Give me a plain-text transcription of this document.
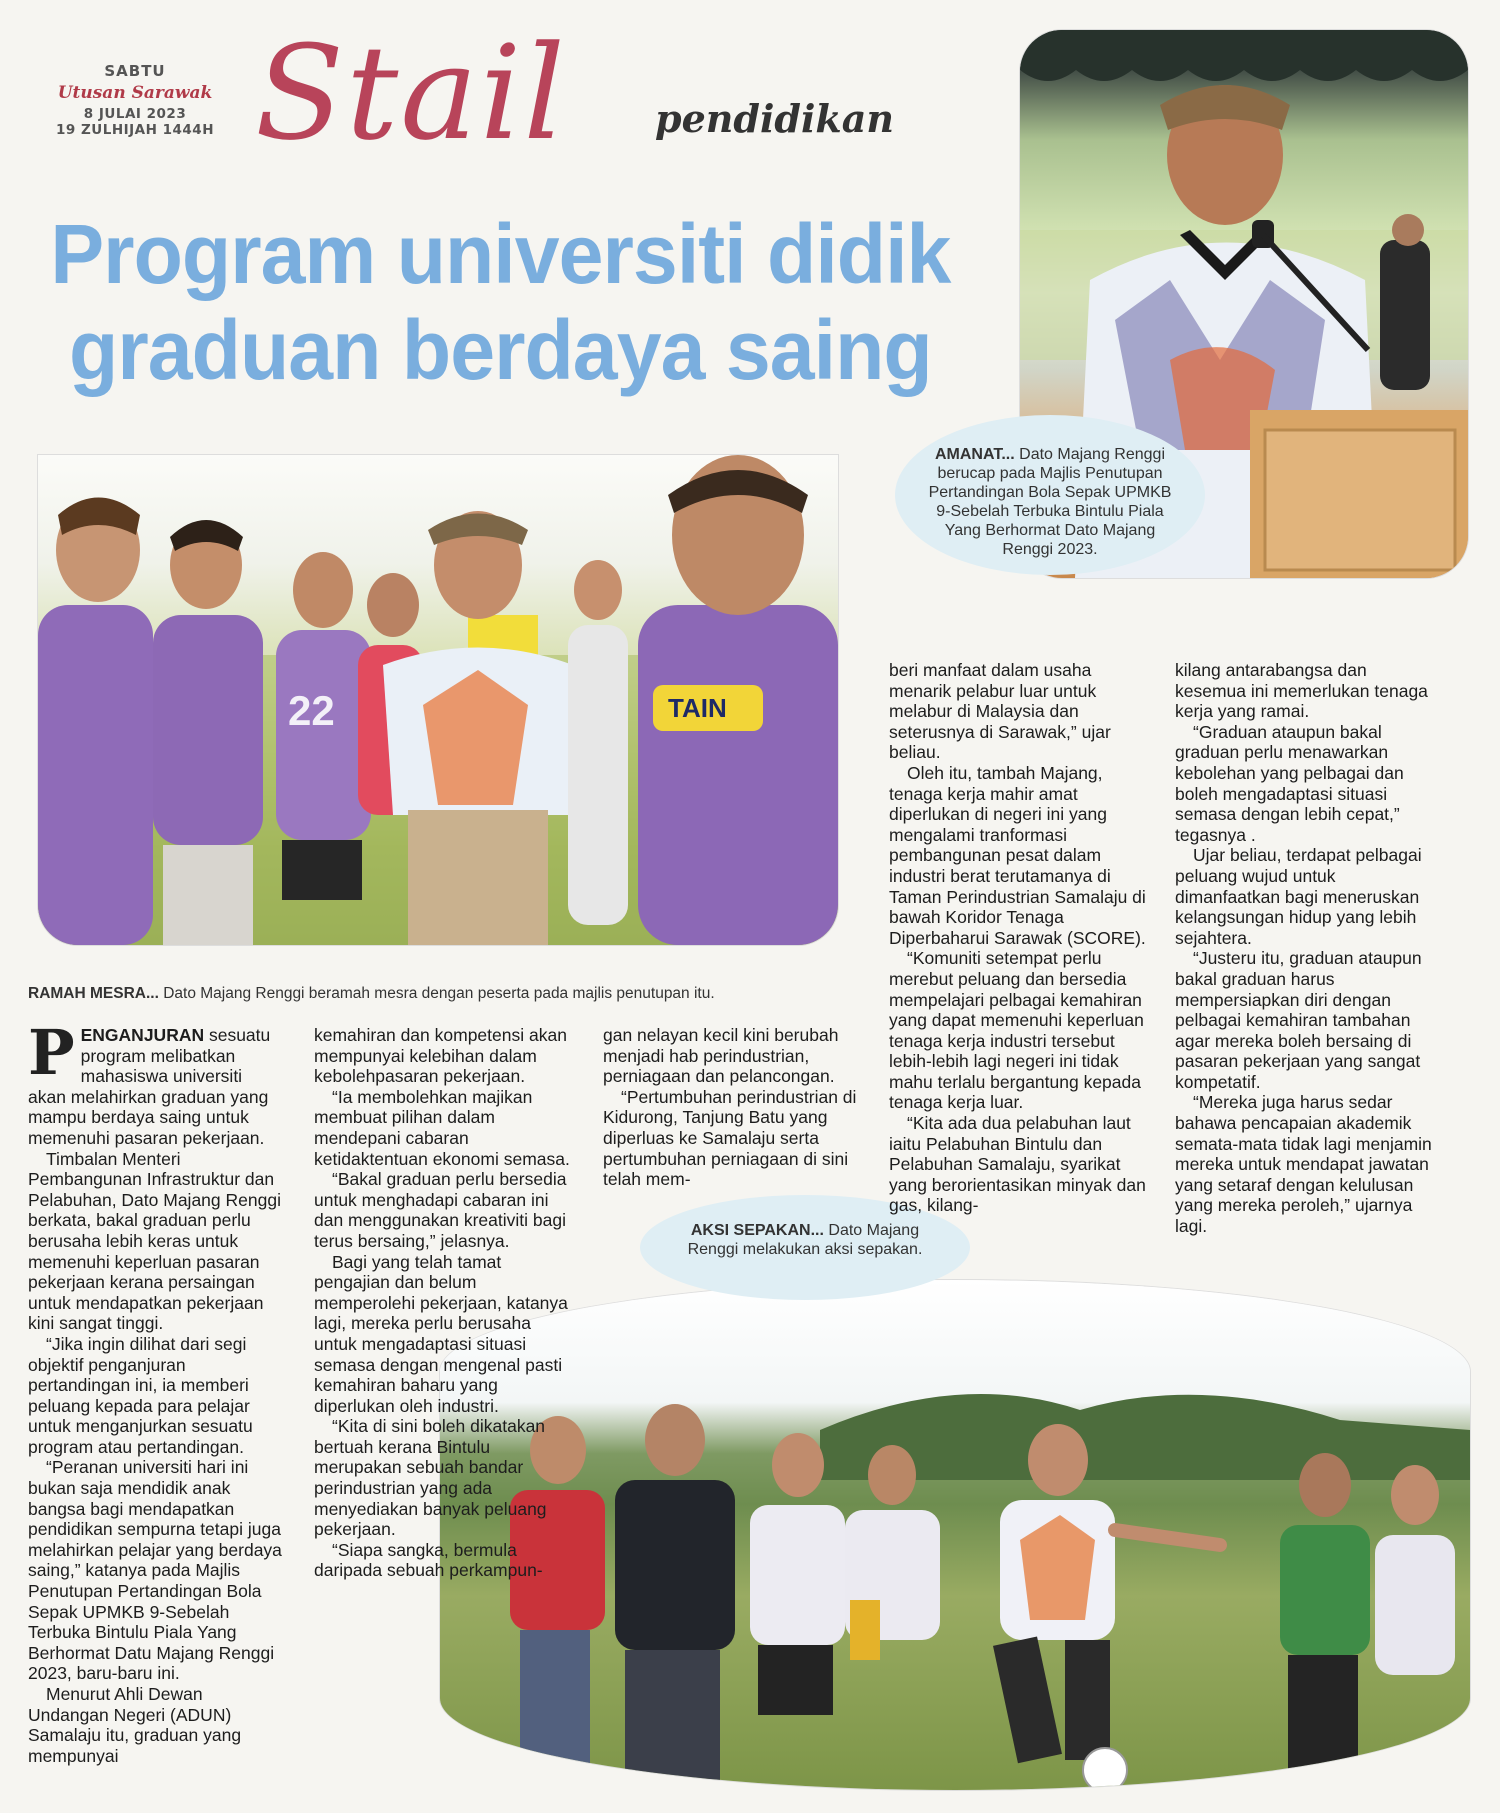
SABTU
Utusan Sarawak
8 JULAI 2023
19 ZULHIJAH 1444H Stail pendidikan
Program universiti didik
graduan berdaya saing
AMANAT... Dato Majang Renggi berucap pada Majlis Penutupan Pertandingan Bola Sepak UPMKB 9-Sebelah Terbuka Bintulu Piala Yang Berhormat Dato Majang Renggi 2023.
22	TAIN
RAMAH MESRA... Dato Majang Renggi beramah mesra dengan peserta pada majlis penutupan itu.
AKSI SEPAKAN... Dato Majang Renggi melakukan aksi sepakan.

PENGANJURAN sesuatu program melibatkan mahasiswa universiti akan melahirkan graduan yang mampu berdaya saing untuk memenuhi pasaran pekerjaan.

Timbalan Menteri Pembangunan Infrastruktur dan Pelabuhan, Dato Majang Renggi berkata, bakal graduan perlu berusaha lebih keras untuk memenuhi keperluan pasaran pekerjaan kerana persaingan untuk mendapatkan pekerjaan kini sangat tinggi.

“Jika ingin dilihat dari segi objektif penganjuran pertandingan ini, ia memberi peluang kepada para pelajar untuk menganjurkan sesuatu program atau pertandingan.

“Peranan universiti hari ini bukan saja mendidik anak bangsa bagi mendapatkan pendidikan sempurna tetapi juga melahirkan pelajar yang berdaya saing,” katanya pada Majlis Penutupan Pertandingan Bola Sepak UPMKB 9-Sebelah Terbuka Bintulu Piala Yang Berhormat Datu Majang Renggi 2023, baru-baru ini.

Menurut Ahli Dewan Undangan Negeri (ADUN) Samalaju itu, graduan yang mempunyai

kemahiran dan kompetensi akan mempunyai kelebihan dalam kebolehpasaran pekerjaan.

“Ia membolehkan majikan membuat pilihan dalam mendepani cabaran ketidaktentuan ekonomi semasa.

“Bakal graduan perlu bersedia untuk menghadapi cabaran ini dan menggunakan kreativiti bagi terus bersaing,” jelasnya.

Bagi yang telah tamat pengajian dan belum memperolehi pekerjaan, katanya lagi, mereka perlu berusaha untuk mengadaptasi situasi semasa dengan mengenal pasti kemahiran baharu yang diperlukan oleh industri.

“Kita di sini boleh dikatakan bertuah kerana Bintulu merupakan sebuah bandar perindustrian yang ada menyediakan banyak peluang pekerjaan.

“Siapa sangka, bermula daripada sebuah perkampun-

gan nelayan kecil kini berubah menjadi hab perindustrian, perniagaan dan pelancongan.

“Pertumbuhan perindustrian di Kidurong, Tanjung Batu yang diperluas ke Samalaju serta pertumbuhan perniagaan di sini telah mem-

beri manfaat dalam usaha menarik pelabur luar untuk melabur di Malaysia dan seterusnya di Sarawak,” ujar beliau.

Oleh itu, tambah Majang, tenaga kerja mahir amat diperlukan di negeri ini yang mengalami tranformasi pembangunan pesat dalam industri berat terutamanya di Taman Perindustrian Samalaju di bawah Koridor Tenaga Diperbaharui Sarawak (SCORE).

“Komuniti setempat perlu merebut peluang dan bersedia mempelajari pelbagai kemahiran yang dapat memenuhi keperluan tenaga kerja industri tersebut lebih-lebih lagi negeri ini tidak mahu terlalu bergantung kepada tenaga kerja luar.

“Kita ada dua pelabuhan laut iaitu Pelabuhan Bintulu dan Pelabuhan Samalaju, syarikat yang berorientasikan minyak dan gas, kilang-

kilang antarabangsa dan kesemua ini memerlukan tenaga kerja yang ramai.

“Graduan ataupun bakal graduan perlu menawarkan kebolehan yang pelbagai dan boleh mengadaptasi situasi semasa dengan lebih cepat,” tegasnya .

Ujar beliau, terdapat pelbagai peluang wujud untuk dimanfaatkan bagi meneruskan kelangsungan hidup yang lebih sejahtera.

“Justeru itu, graduan ataupun bakal graduan harus mempersiapkan diri dengan pelbagai kemahiran tambahan agar mereka boleh bersaing di pasaran pekerjaan yang sangat kompetatif.

“Mereka juga harus sedar bahawa pencapaian akademik semata-mata tidak lagi menjamin mereka untuk mendapat jawatan yang setaraf dengan kelulusan yang mereka peroleh,” ujarnya lagi.
